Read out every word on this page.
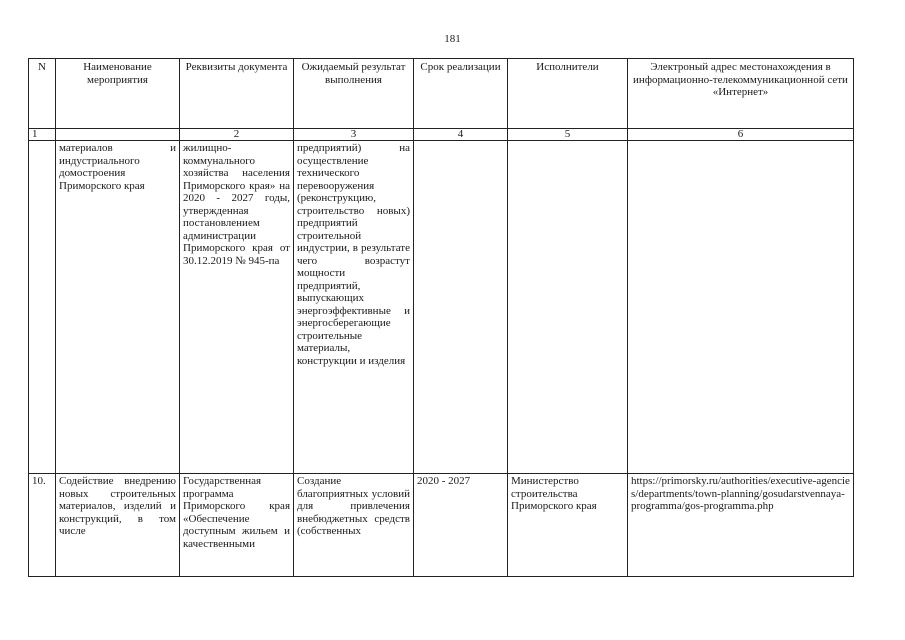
181
N	Наименование мероприятия	Реквизиты документа	Ожидаемый результат выполнения	Срок реализации	Исполнители	Электроный адрес местонахождения в информационно-телекоммуникационной сети «Интернет»
1		2	3	4	5	6
	материалов и индустриального домостроения Приморского края	жилищно-коммунального хозяйства населения Приморского края» на 2020 - 2027 годы, утвержденная постановлением администрации Приморского края от 30.12.2019 № 945-па	предприятий) на осуществление технического перевооружения (реконструкцию, строительство новых) предприятий строительной индустрии, в результате чего возрастут мощности предприятий, выпускающих энергоэффективные и энергосберегающие строительные материалы, конструкции и изделия			
10.	Содействие внедрению новых строительных материалов, изделий и конструкций, в том числе	Государственная программа Приморского края «Обеспечение доступным жильем и качественными	Создание благоприятных условий для привлечения внебюджетных средств (собственных	2020 - 2027	Министерство строительства Приморского края	https://primorsky.ru/authorities/executive-agencies/departments/town-planning/gosudarstvennaya-programma/gos-programma.php
